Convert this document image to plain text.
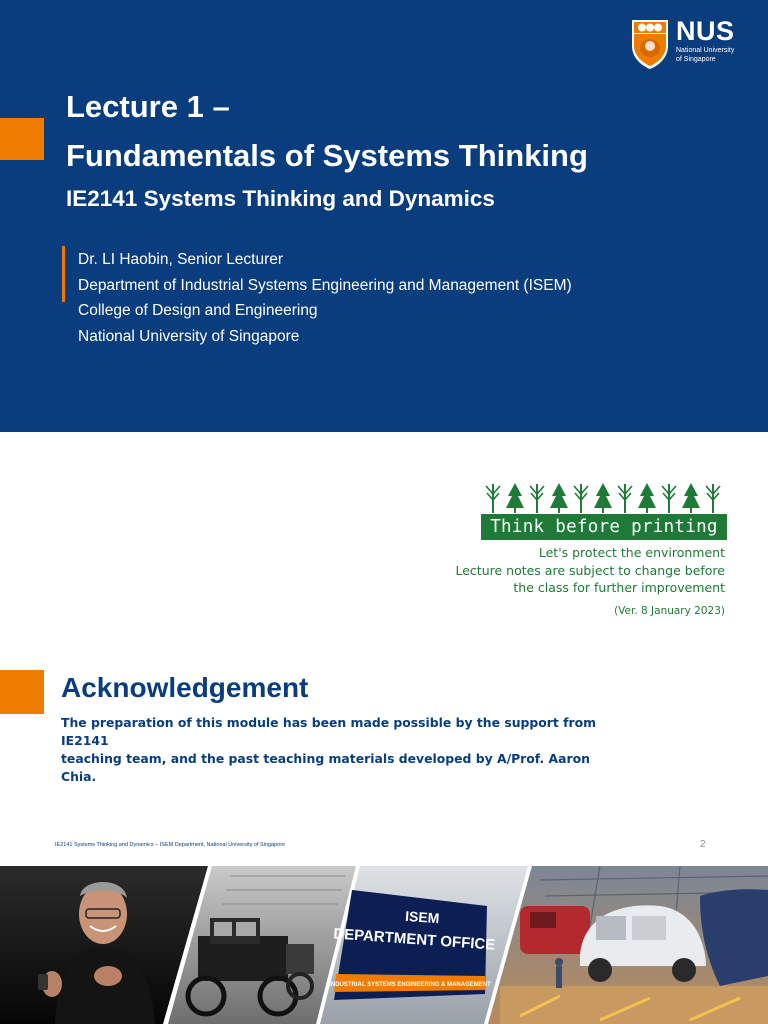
NUS
National University
of Singapore
Lecture 1 –
Fundamentals of Systems Thinking
IE2141 Systems Thinking and Dynamics
Dr. LI Haobin, Senior Lecturer
Department of Industrial Systems Engineering and Management (ISEM)
College of Design and Engineering
National University of Singapore
Think before printing
Let's protect the environment
Lecture notes are subject to change before
the class for further improvement
(Ver. 8 January 2023)
Acknowledgement

The preparation of this module has been made possible by the support from IE2141
teaching team, and the past teaching materials developed by A/Prof. Aaron Chia.

IE2141 Systems Thinking and Dynamics – ISEM Department, National University of Singapore	2
ISEM
DEPARTMENT OFFICE
INDUSTRIAL SYSTEMS ENGINEERING & MANAGEMENT
